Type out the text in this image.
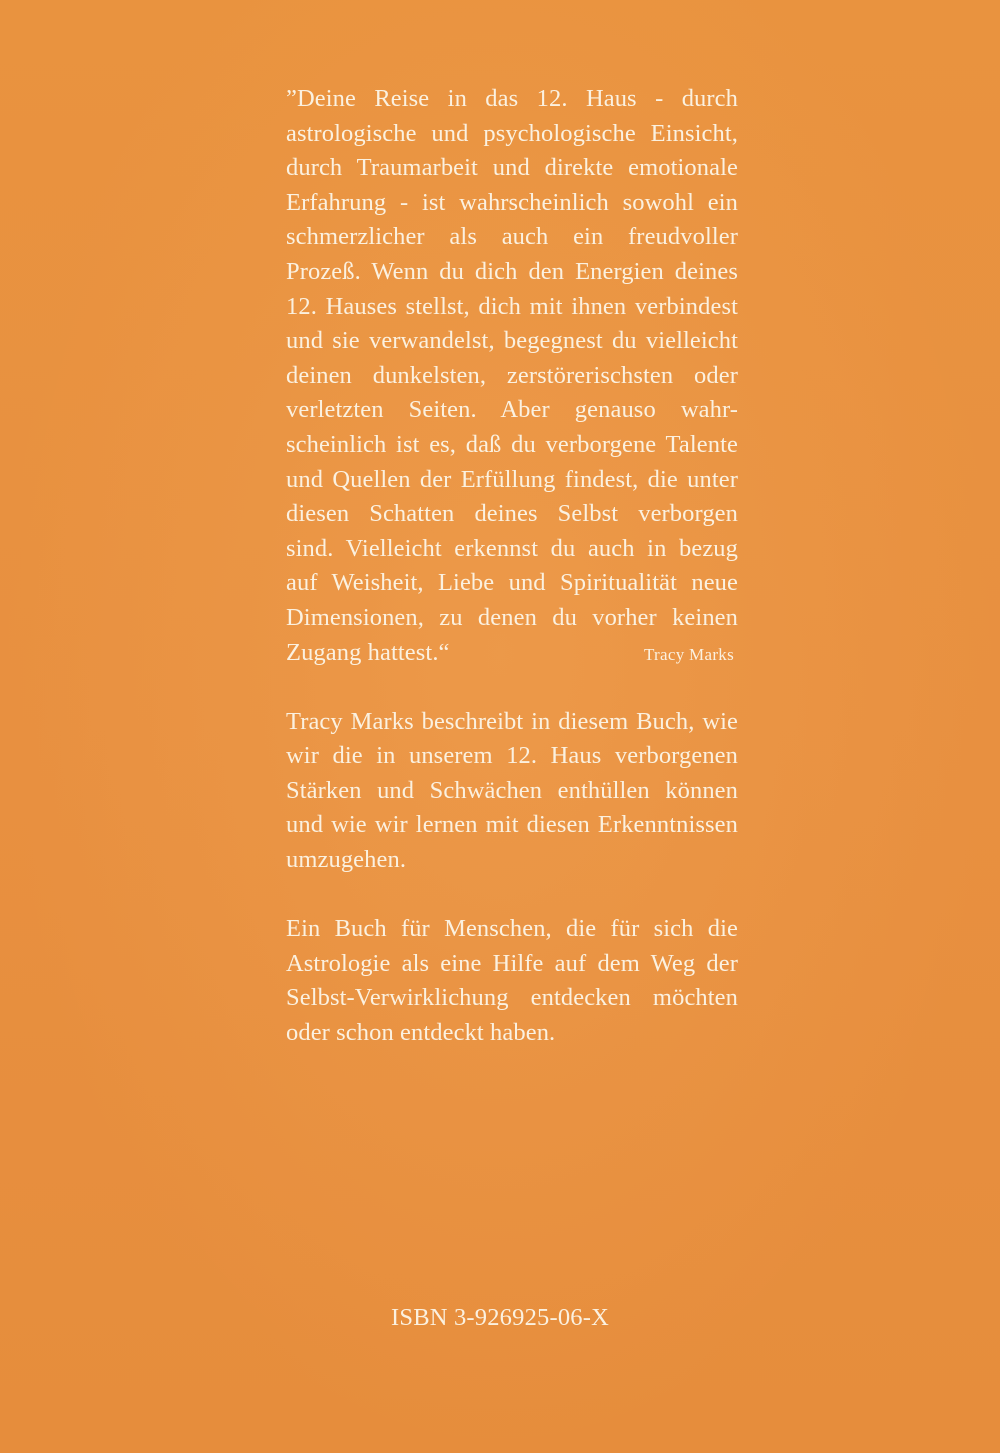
”Deine Reise in das 12. Haus - durch
astrologische und psychologische Einsicht,
durch Traumarbeit und direkte emotionale
Erfahrung - ist wahrscheinlich sowohl ein
schmerzlicher als auch ein freudvoller
Prozeß. Wenn du dich den Energien deines
12. Hauses stellst, dich mit ihnen verbindest
und sie verwandelst, begegnest du vielleicht
deinen dunkelsten, zerstörerischsten oder
verletzten Seiten. Aber genauso wahr-
scheinlich ist es, daß du verborgene Talente
und Quellen der Erfüllung findest, die unter
diesen Schatten deines Selbst verborgen
sind. Vielleicht erkennst du auch in bezug
auf Weisheit, Liebe und Spiritualität neue
Dimensionen, zu denen du vorher keinen
Zugang hattest.“	Tracy Marks
Tracy Marks beschreibt in diesem Buch, wie
wir die in unserem 12. Haus verborgenen
Stärken und Schwächen enthüllen können
und wie wir lernen mit diesen Erkenntnissen
umzugehen.
Ein Buch für Menschen, die für sich die
Astrologie als eine Hilfe auf dem Weg der
Selbst-Verwirklichung entdecken möchten
oder schon entdeckt haben.
ISBN 3-926925-06-X
